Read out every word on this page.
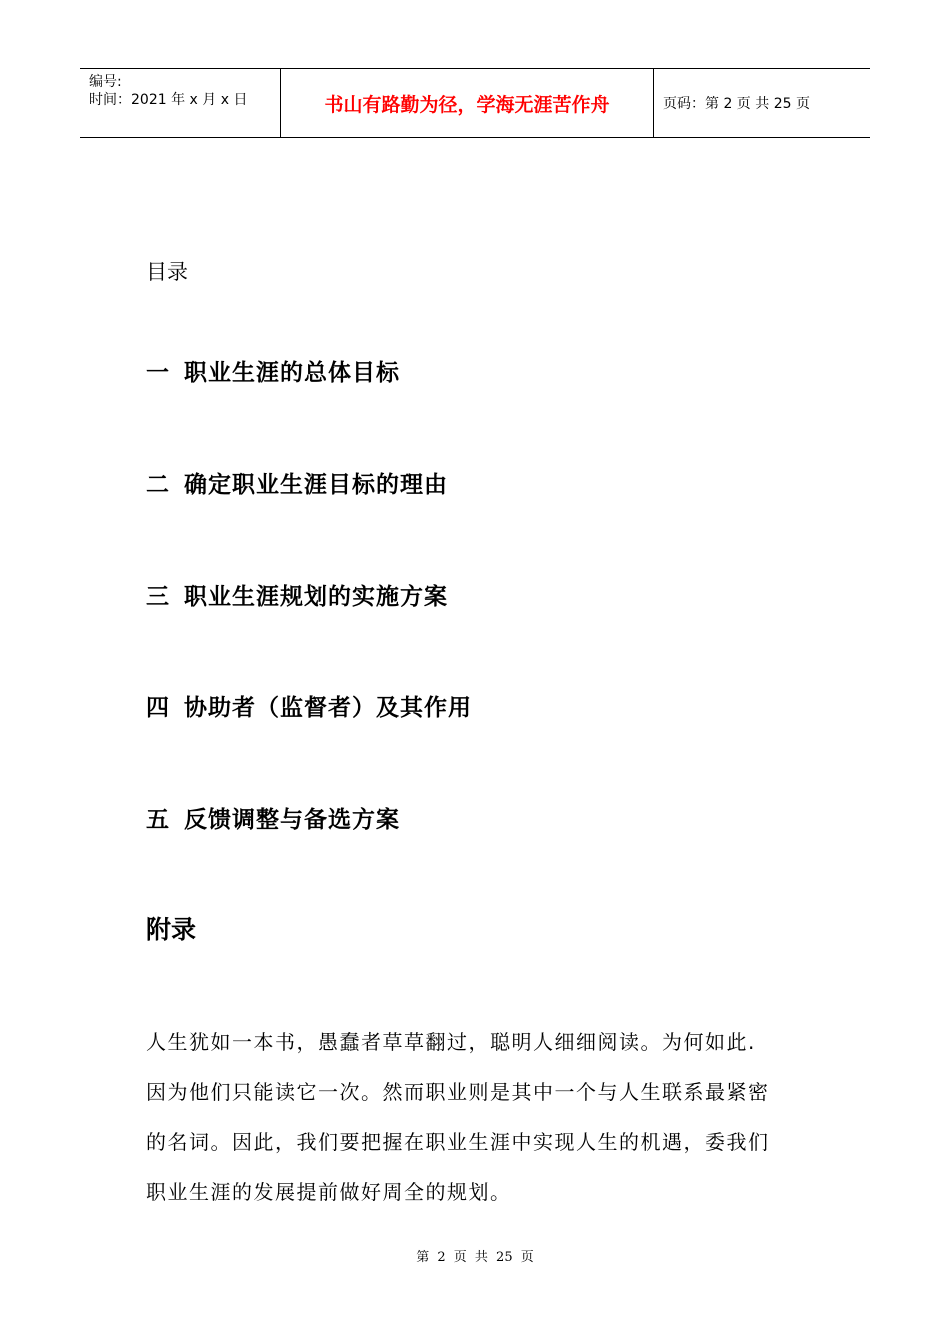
编号:
时间：2021 年 x 月 x 日	书山有路勤为径，学海无涯苦作舟	页码：第 2 页 共 25 页
目录
一 职业生涯的总体目标
二 确定职业生涯目标的理由
三 职业生涯规划的实施方案
四 协助者（监督者）及其作用
五 反馈调整与备选方案
附录
人生犹如一本书，愚蠢者草草翻过，聪明人细细阅读。为何如此.
因为他们只能读它一次。然而职业则是其中一个与人生联系最紧密
的名词。因此，我们要把握在职业生涯中实现人生的机遇，委我们
职业生涯的发展提前做好周全的规划。
第 2 页 共 25 页
